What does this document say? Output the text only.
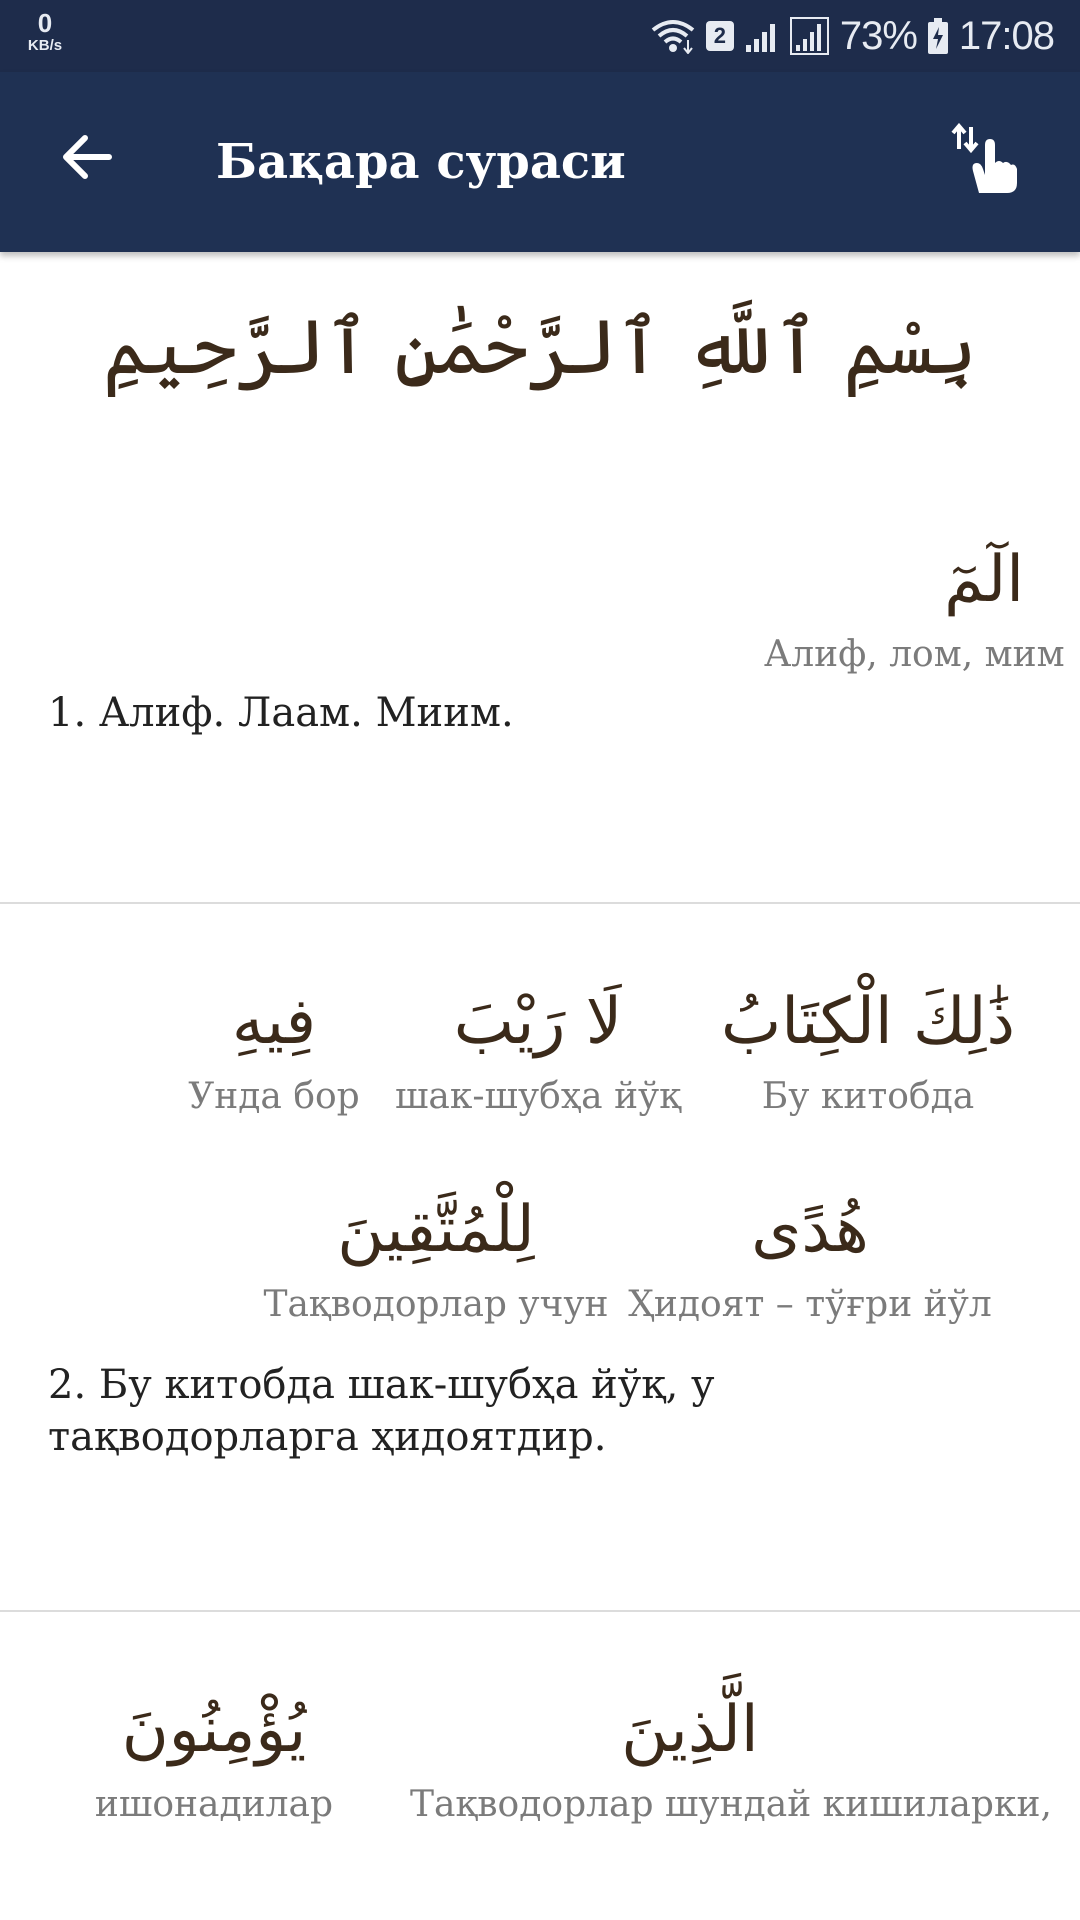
0
KB/s	2	73% 17:08
Бақара сураси
بِسْمِ ٱللَّهِ ٱلرَّحْمَٰنِ ٱلرَّحِيمِ
الٓمٓ
Алиф, лом, мим
1. Алиф. Лаам. Миим.
ذَٰلِكَ الْكِتَابُ
Бу китобда
لَا رَيْبَ
шак-шубҳа йўқ
فِيهِ
Унда бор
هُدًى
Ҳидоят – тўғри йўл
لِلْمُتَّقِينَ
Тақводорлар учун
2. Бу китобда шак-шубҳа йўқ, у тақводорларга ҳидоятдир.
الَّذِينَ
Тақводорлар шундай кишиларки,
يُؤْمِنُونَ
ишонадилар
